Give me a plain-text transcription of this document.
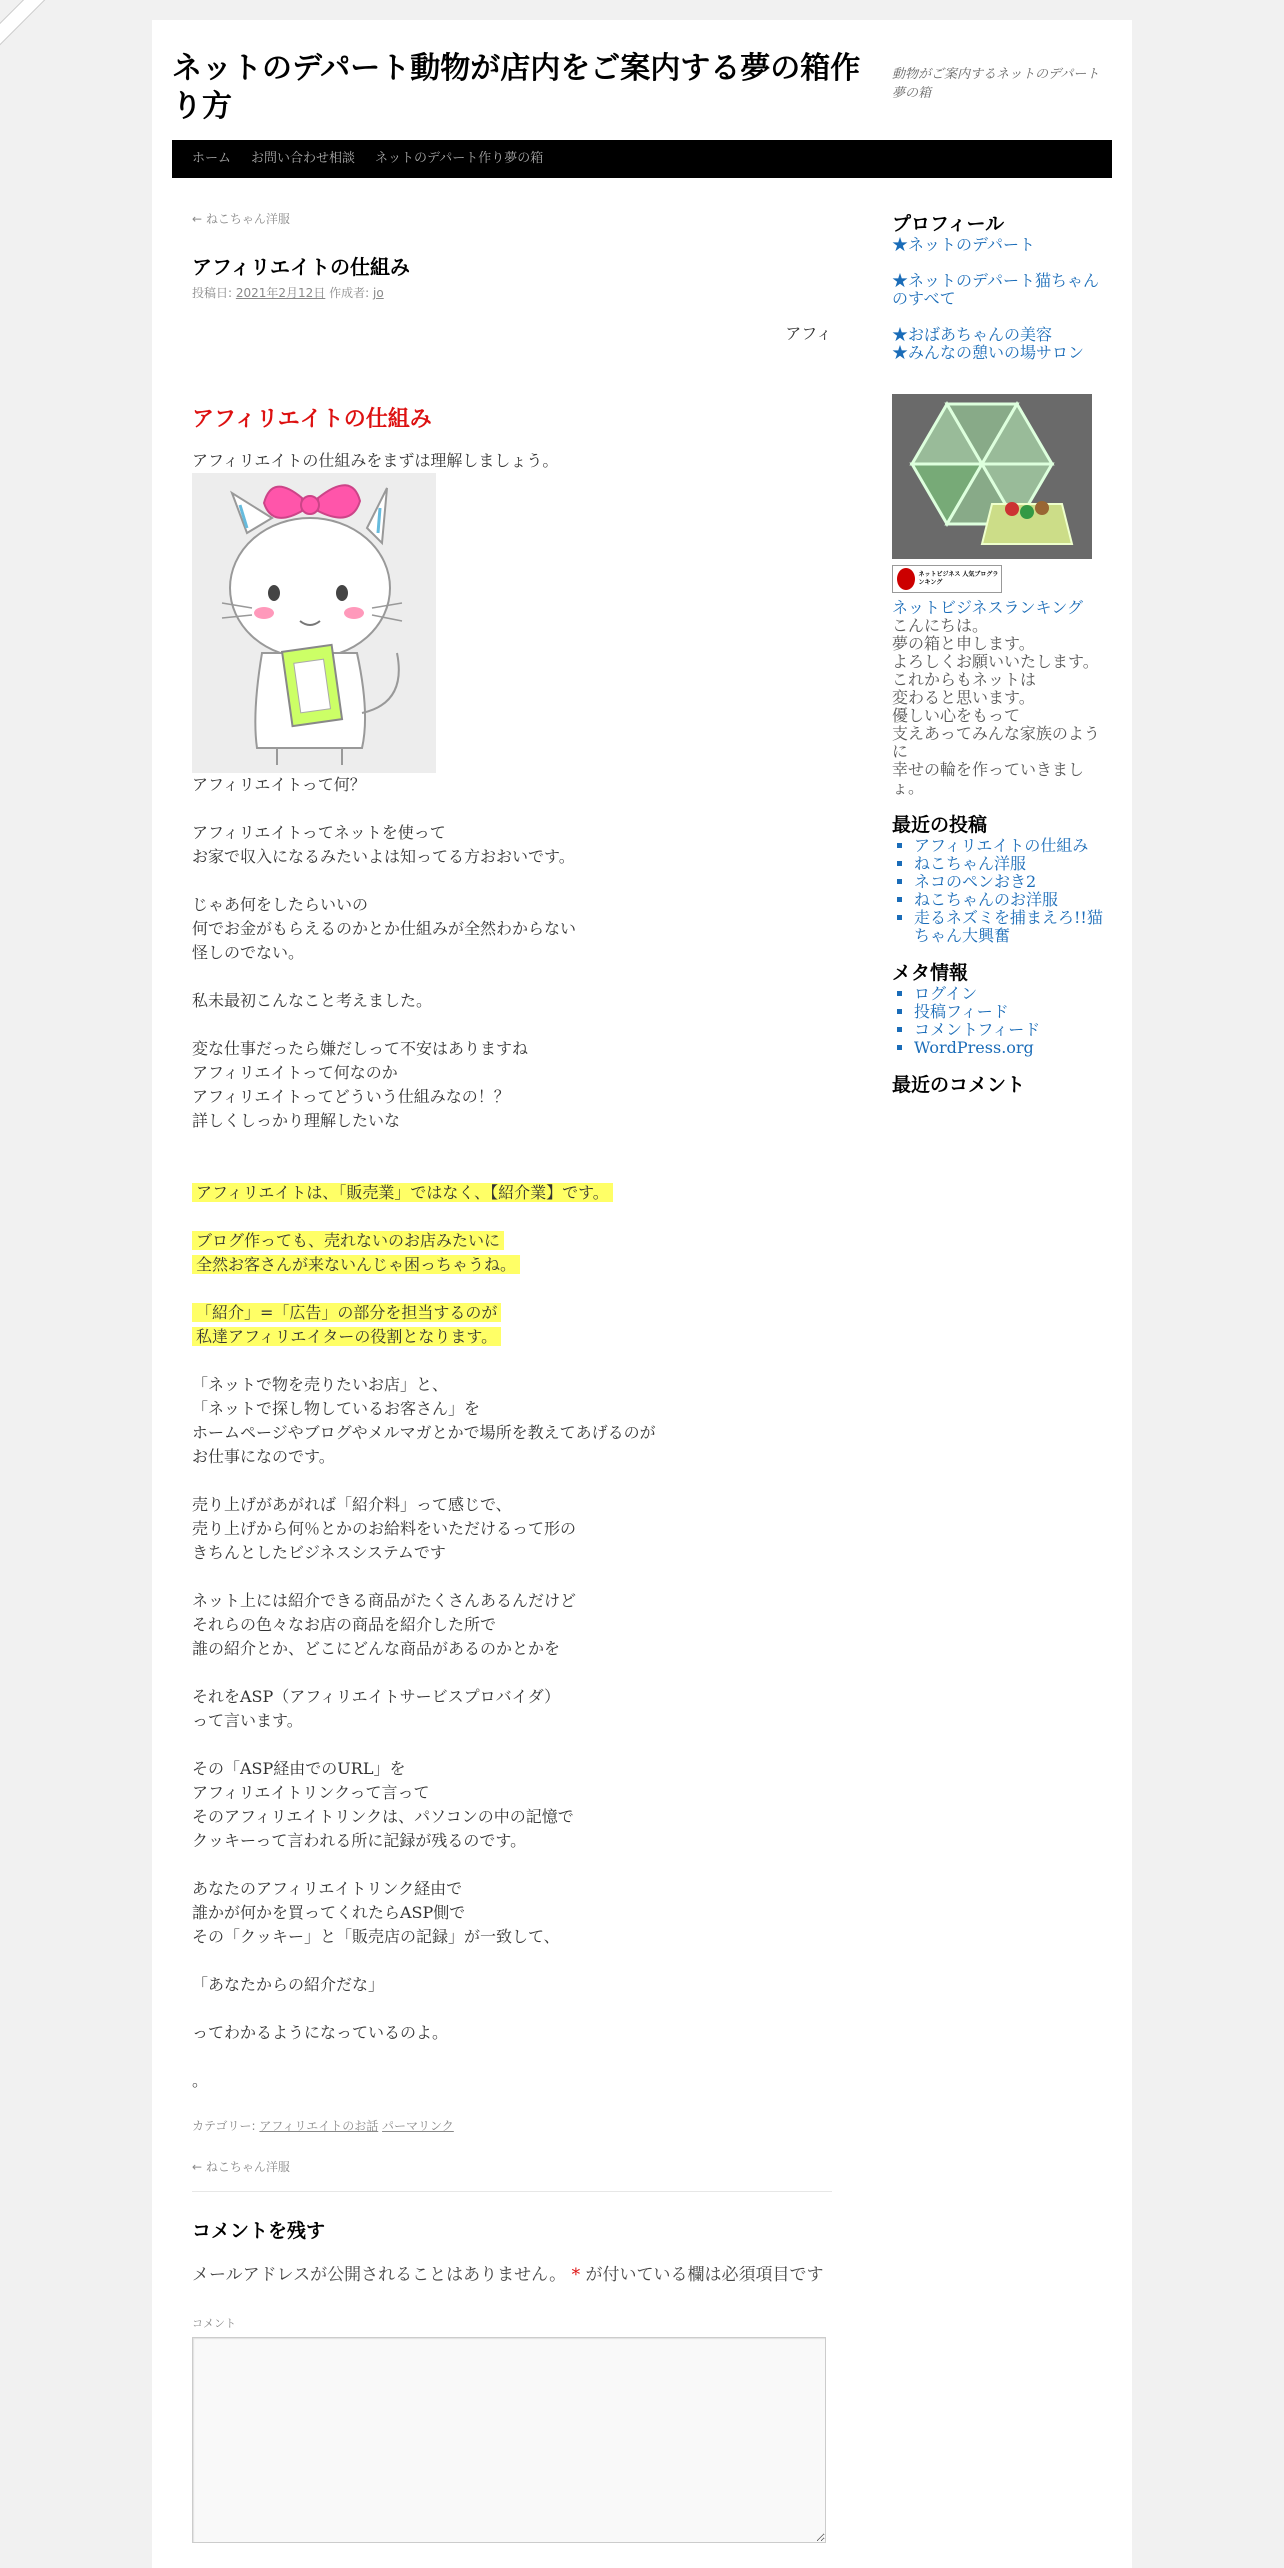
ネットのデパート動物が店内をご案内する夢の箱作り方
動物がご案内するネットのデパート夢の箱
ホーム	お問い合わせ相談	ネットのデパート作り夢の箱
← ねこちゃん洋服
アフィリエイトの仕組み
投稿日: 2021年2月12日 作成者: jo
アフィ
アフィリエイトの仕組み

アフィリエイトの仕組みをまずは理解しましょう。

アフィリエイトって何？

アフィリエイトってネットを使って

お家で収入になるみたいよは知ってる方おおいです。

じゃあ何をしたらいいの

何でお金がもらえるのかとか仕組みが全然わからない

怪しのでない。

私未最初こんなこと考えました。

変な仕事だったら嫌だしって不安はありますね

アフィリエイトって何なのか

アフィリエイトってどういう仕組みなの！？

詳しくしっかり理解したいな

アフィリエイトは、「販売業」ではなく、【紹介業】です。

ブログ作っても、売れないのお店みたいに

全然お客さんが来ないんじゃ困っちゃうね。

「紹介」=「広告」の部分を担当するのが

私達アフィリエイターの役割となります。

「ネットで物を売りたいお店」と、

「ネットで探し物しているお客さん」を

ホームページやブログやメルマガとかで場所を教えてあげるのが

お仕事になのです。

売り上げがあがれば「紹介料」って感じで、

売り上げから何％とかのお給料をいただけるって形の

きちんとしたビジネスシステムです

ネット上には紹介できる商品がたくさんあるんだけど

それらの色々なお店の商品を紹介した所で

誰の紹介とか、どこにどんな商品があるのかとかを

それをASP（アフィリエイトサービスプロバイダ）

って言います。

その「ASP経由でのURL」を

アフィリエイトリンクって言って

そのアフィリエイトリンクは、パソコンの中の記憶で

クッキーって言われる所に記録が残るのです。

あなたのアフィリエイトリンク経由で

誰かが何かを買ってくれたらASP側で

その「クッキー」と「販売店の記録」が一致して、

「あなたからの紹介だな」

ってわかるようになっているのよ。

。

カテゴリー: アフィリエイトのお話 パーマリンク
← ねこちゃん洋服
コメントを残す
メールアドレスが公開されることはありません。 * が付いている欄は必須項目です
コメント
プロフィール
★ネットのデパート
★ネットのデパート猫ちゃんのすべて
★おばあちゃんの美容
★みんなの憩いの場サロン
ネットビジネス 人気ブログランキング
ネットビジネスランキング
こんにちは。
夢の箱と申します。
よろしくお願いいたします。
これからもネットは
変わると思います。
優しい心をもって
支えあってみんな家族のように
幸せの輪を作っていきましょ。
最近の投稿
▪ アフィリエイトの仕組み
▪ ねこちゃん洋服
▪ ネコのペンおき2
▪ ねこちゃんのお洋服
▪ 走るネズミを捕まえろ!!猫ちゃん大興奮
メタ情報
▪ ログイン
▪ 投稿フィード
▪ コメントフィード
▪ WordPress.org
最近のコメント
